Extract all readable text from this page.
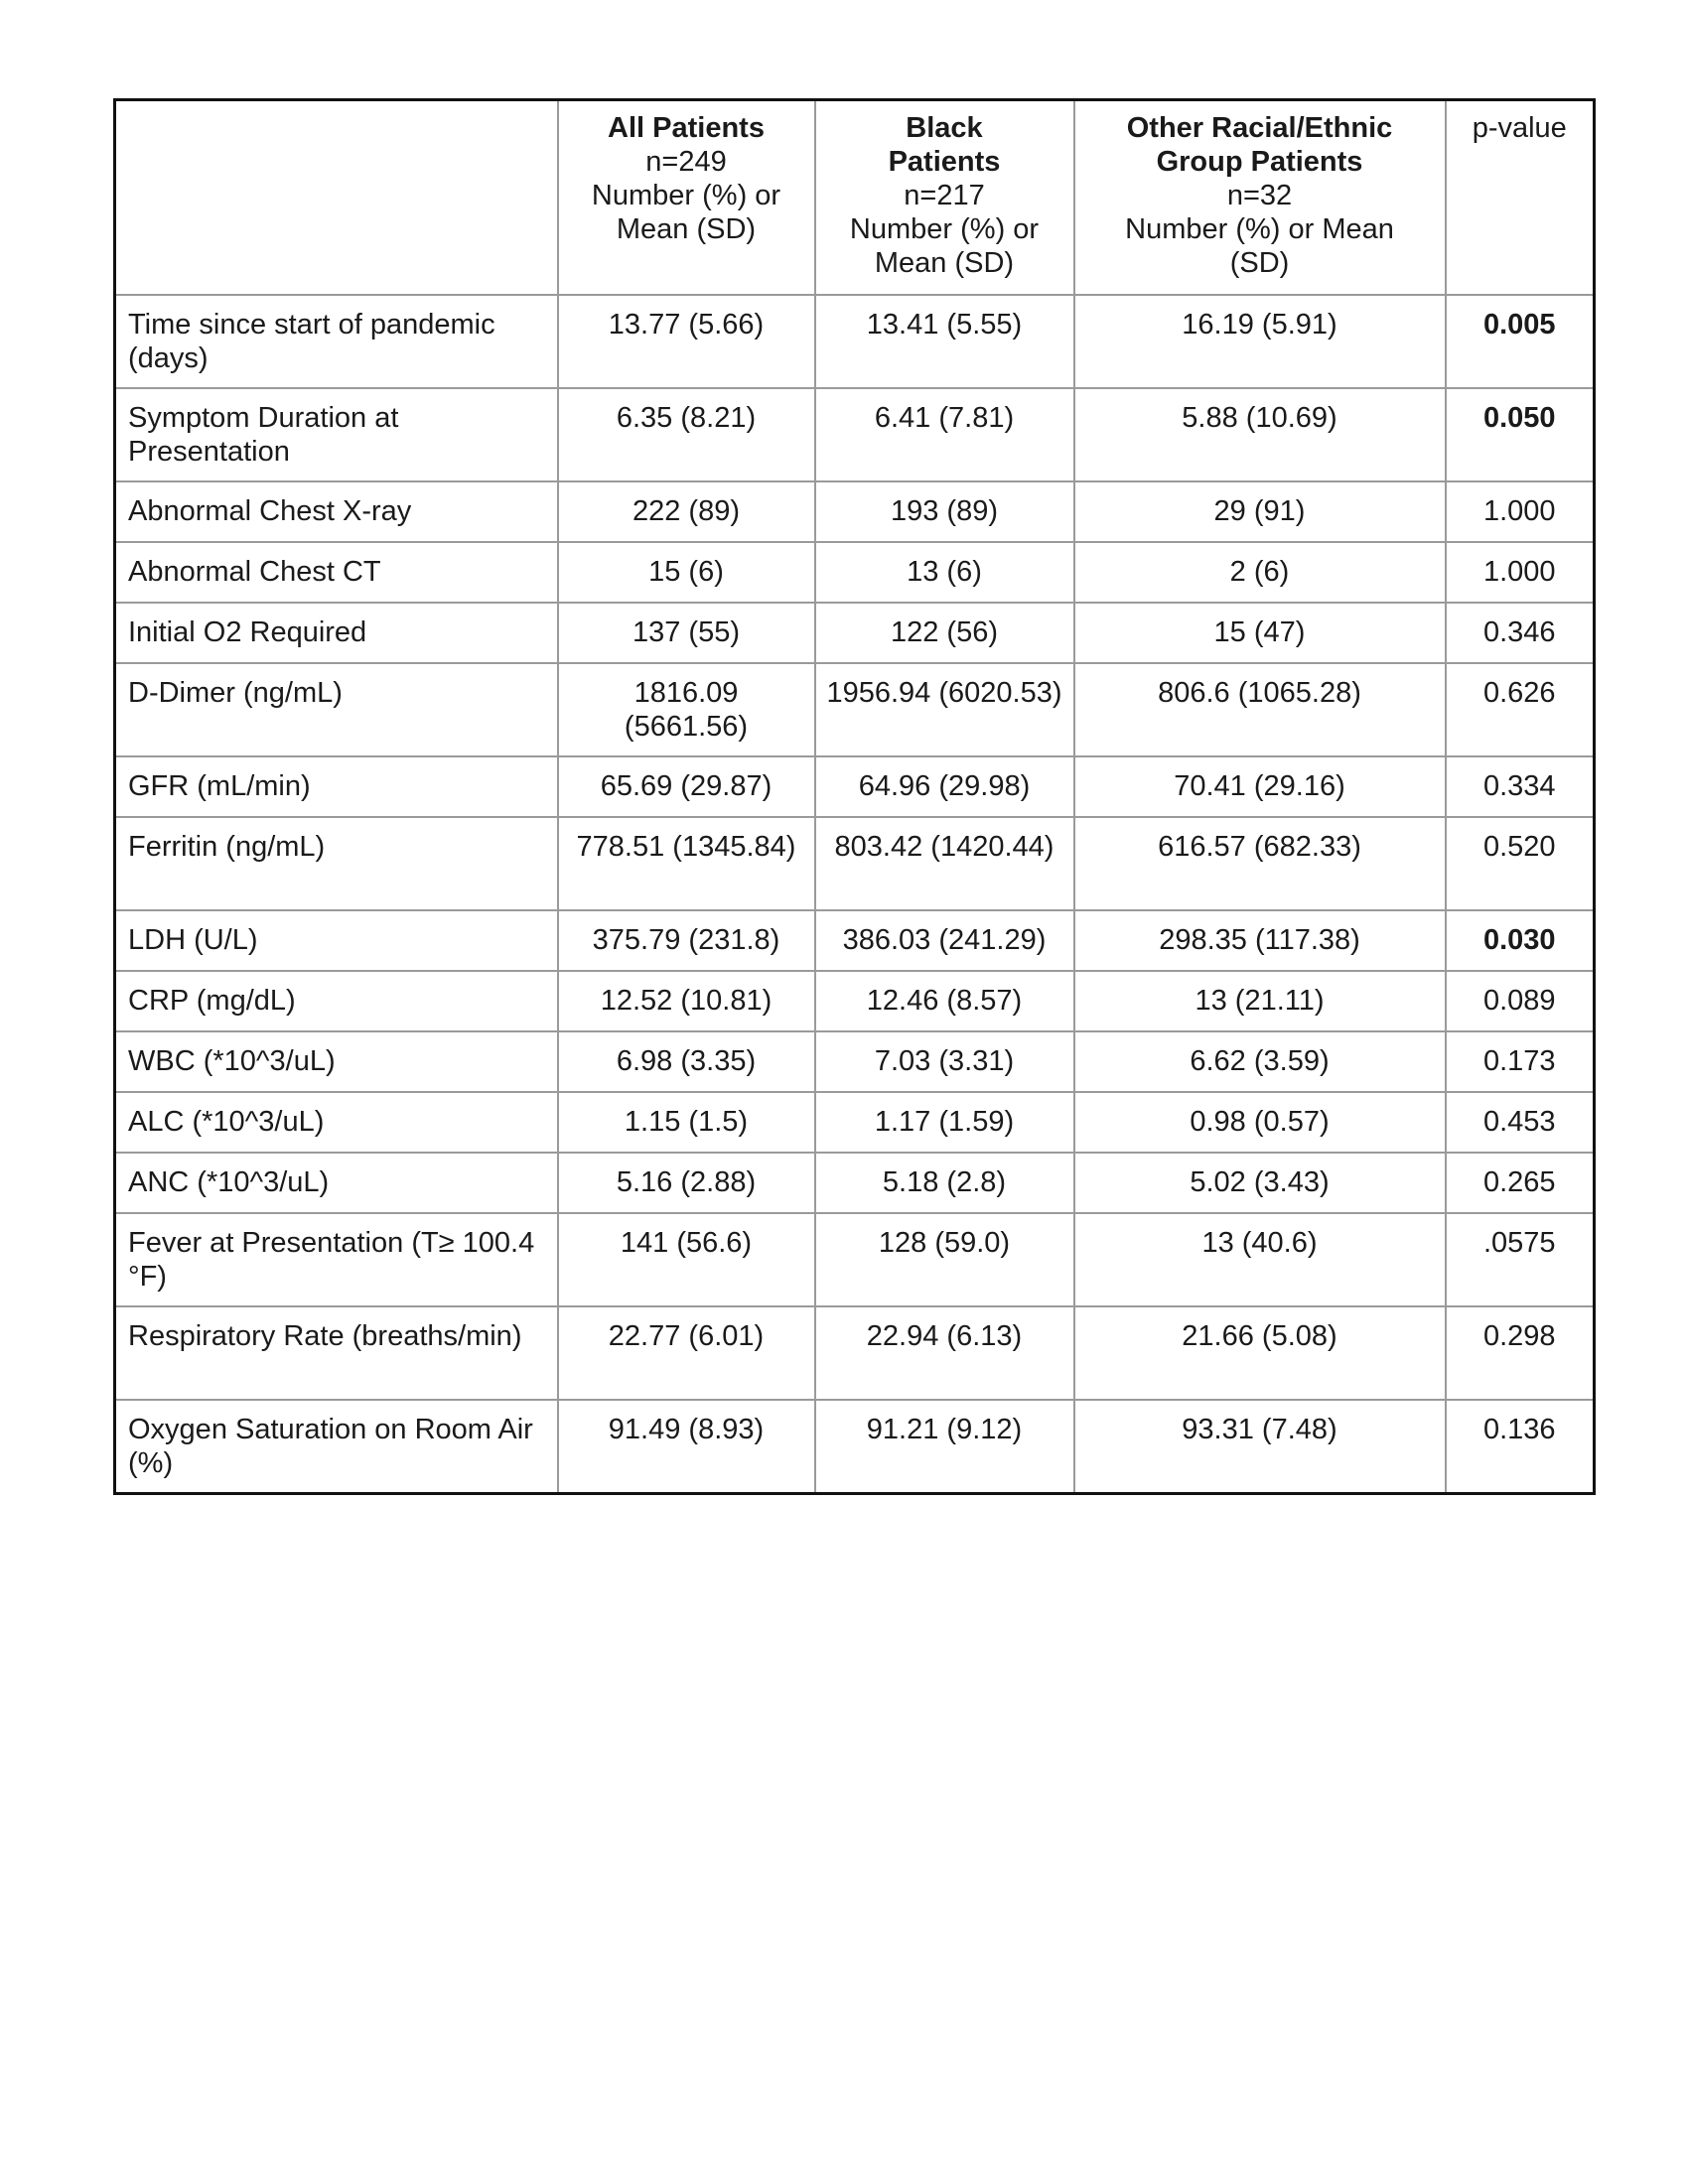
	All Patients
n=249
Number (%) or
Mean (SD)	Black
Patients
n=217
Number (%) or
Mean (SD)	Other Racial/Ethnic
Group Patients
n=32
Number (%) or Mean
(SD)	p-value

Time since start of pandemic (days)	13.77 (5.66)	13.41 (5.55)	16.19 (5.91)	0.005
Symptom Duration at Presentation	6.35 (8.21)	6.41 (7.81)	5.88 (10.69)	0.050
Abnormal Chest X-ray	222 (89)	193 (89)	29 (91)	1.000
Abnormal Chest CT	15 (6)	13 (6)	2 (6)	1.000
Initial O2 Required	137 (55)	122 (56)	15 (47)	0.346
D-Dimer (ng/mL)	1816.09 (5661.56)	1956.94 (6020.53)	806.6 (1065.28)	0.626
GFR (mL/min)	65.69 (29.87)	64.96 (29.98)	70.41 (29.16)	0.334
Ferritin (ng/mL)	778.51 (1345.84)	803.42 (1420.44)	616.57 (682.33)	0.520
LDH (U/L)	375.79 (231.8)	386.03 (241.29)	298.35 (117.38)	0.030
CRP (mg/dL)	12.52 (10.81)	12.46 (8.57)	13 (21.11)	0.089
WBC (*10^3/uL)	6.98 (3.35)	7.03 (3.31)	6.62 (3.59)	0.173
ALC (*10^3/uL)	1.15 (1.5)	1.17 (1.59)	0.98 (0.57)	0.453
ANC (*10^3/uL)	5.16 (2.88)	5.18 (2.8)	5.02 (3.43)	0.265
Fever at Presentation (T≥ 100.4 °F)	141 (56.6)	128 (59.0)	13 (40.6)	.0575
Respiratory Rate (breaths/min)	22.77 (6.01)	22.94 (6.13)	21.66 (5.08)	0.298
Oxygen Saturation on Room Air (%)	91.49 (8.93)	91.21 (9.12)	93.31 (7.48)	0.136
